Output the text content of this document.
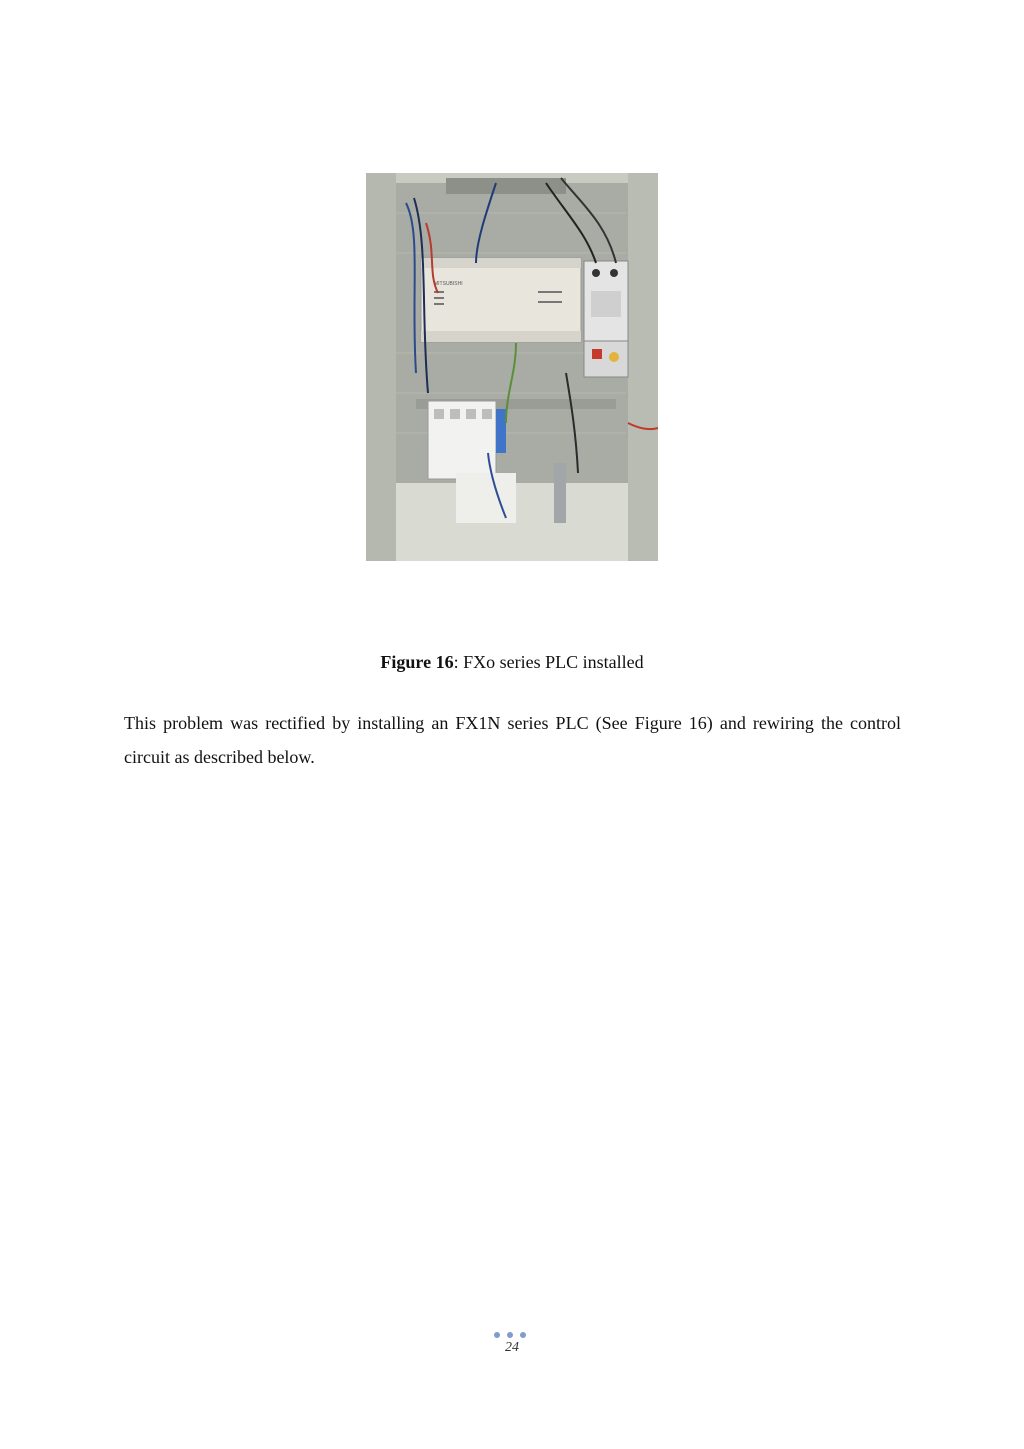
MITSUBISHI
Figure 16: FXo series PLC installed

This problem was rectified by installing an FX1N series PLC (See Figure 16) and rewiring the control circuit as described below.

24
